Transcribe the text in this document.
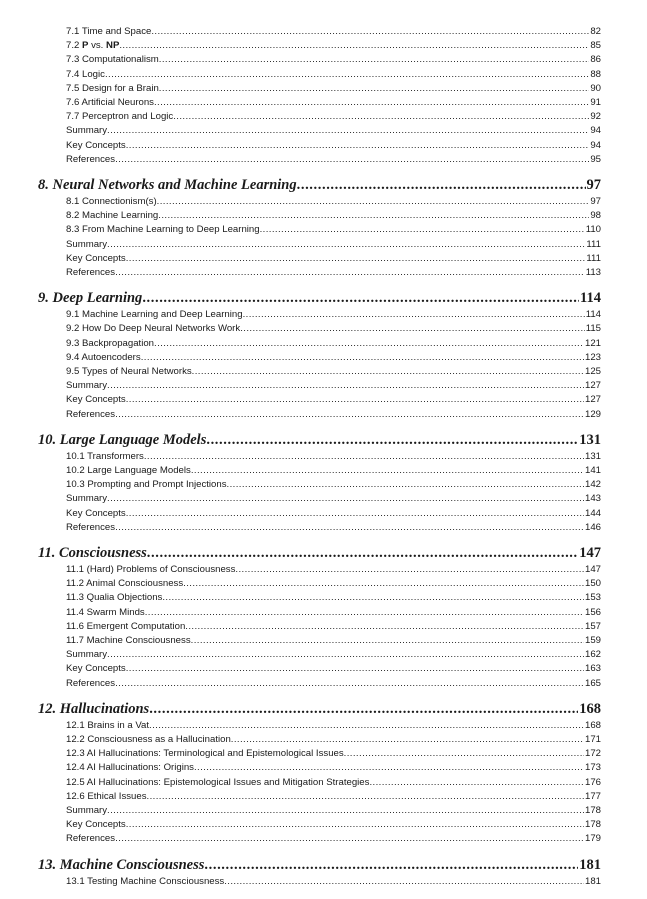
7.1 Time and Space .....	82
7.2 P vs. NP .....	85
7.3 Computationalism .....	86
7.4 Logic .....	88
7.5 Design for a Brain .....	90
7.6 Artificial Neurons .....	91
7.7 Perceptron and Logic .....	92
Summary .....	94
Key Concepts .....	94
References .....	95
8. Neural Networks and Machine Learning .....	97
8.1 Connectionism(s) .....	97
8.2 Machine Learning .....	98
8.3 From Machine Learning to Deep Learning .....	110
Summary .....	111
Key Concepts .....	111
References .....	113
9. Deep Learning .....	114
9.1 Machine Learning and Deep Learning .....	114
9.2 How Do Deep Neural Networks Work .....	115
9.3 Backpropagation .....	121
9.4 Autoencoders .....	123
9.5 Types of Neural Networks .....	125
Summary .....	127
Key Concepts .....	127
References .....	129
10. Large Language Models .....	131
10.1 Transformers .....	131
10.2 Large Language Models .....	141
10.3 Prompting and Prompt Injections .....	142
Summary .....	143
Key Concepts .....	144
References .....	146
11. Consciousness .....	147
11.1 (Hard) Problems of Consciousness .....	147
11.2 Animal Consciousness .....	150
11.3 Qualia Objections .....	153
11.4 Swarm Minds .....	156
11.6 Emergent Computation .....	157
11.7 Machine Consciousness .....	159
Summary .....	162
Key Concepts .....	163
References .....	165
12. Hallucinations .....	168
12.1 Brains in a Vat .....	168
12.2 Consciousness as a Hallucination .....	171
12.3 AI Hallucinations: Terminological and Epistemological Issues .....	172
12.4 AI Hallucinations: Origins .....	173
12.5 AI Hallucinations: Epistemological Issues and Mitigation Strategies .....	176
12.6 Ethical Issues .....	177
Summary .....	178
Key Concepts .....	178
References .....	179
13. Machine Consciousness .....	181
13.1 Testing Machine Consciousness .....	181
